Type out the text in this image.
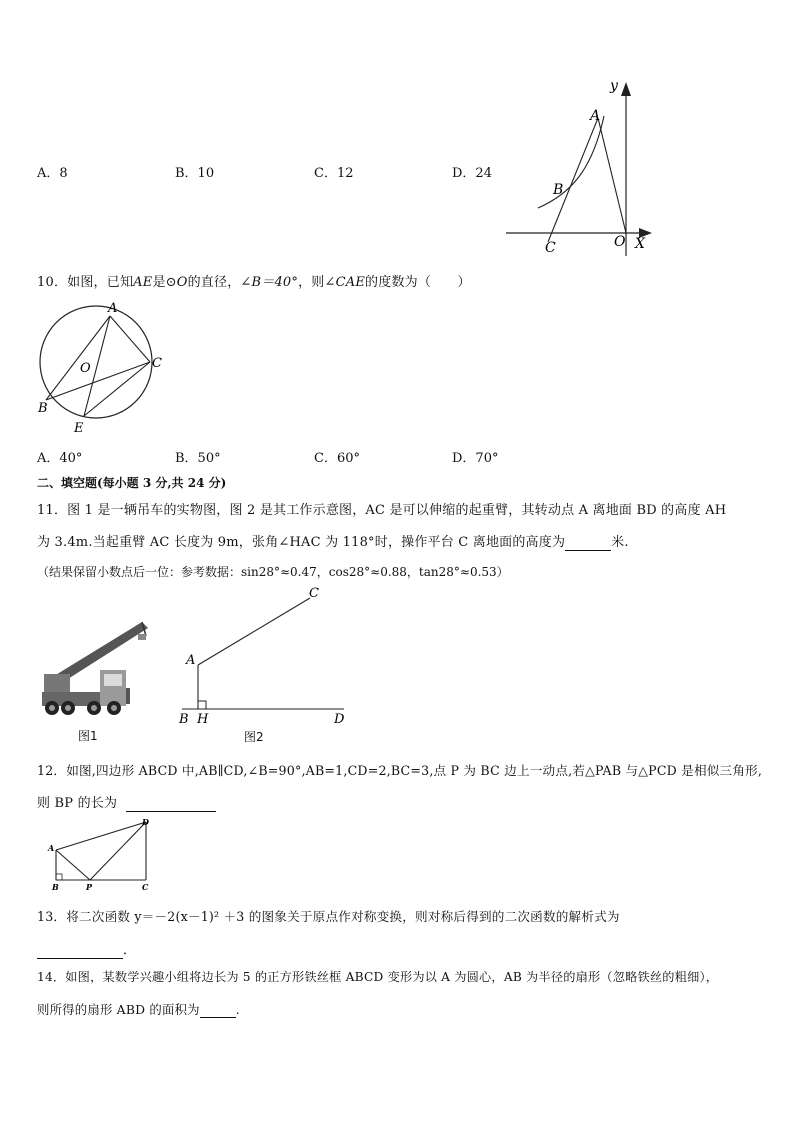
A．8	B．10	C．12	D．24
y
A
B
C	O X
10．如图，已知AE是⊙O的直径，∠B＝40°，则∠CAE的度数为（　　）
A
C
O
B
E
A．40°	B．50°	C．60°	D．70°
二、填空题(每小题 3 分,共 24 分)
11．图 1 是一辆吊车的实物图，图 2 是其工作示意图，AC 是可以伸缩的起重臂，其转动点 A 离地面 BD 的高度 AH
为 3.4m.当起重臂 AC 长度为 9m，张角∠HAC 为 118°时，操作平台 C 离地面的高度为	米.
（结果保留小数点后一位：参考数据：sin28°≈0.47，cos28°≈0.88，tan28°≈0.53）
图1
C
A
B H	D
图2
12．如图,四边形 ABCD 中,AB∥CD,∠B=90°,AB=1,CD=2,BC=3,点 P 为 BC 边上一动点,若△PAB 与△PCD 是相似三角形,
则 BP 的长为
D
A
B	P	C
13．将二次函数 y＝－2(x－1)² ＋3 的图象关于原点作对称变换，则对称后得到的二次函数的解析式为
．
14．如图，某数学兴趣小组将边长为 5 的正方形铁丝框 ABCD 变形为以 A 为圆心，AB 为半径的扇形（忽略铁丝的粗细），
则所得的扇形 ABD 的面积为	.
